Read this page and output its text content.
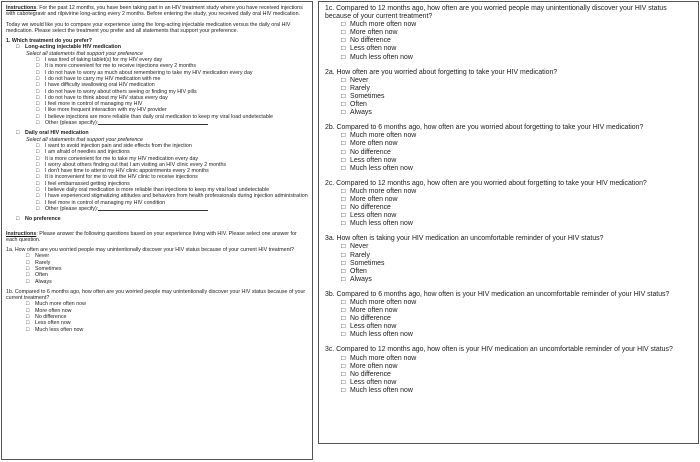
Instructions: For the past 12 months, you have been taking part in an HIV treatment study where you have received injections with cabotegravir and rilpivirine long-acting every 2 months. Before entering the study, you received daily oral HIV medication.

Today we would like you to compare your experience using the long-acting injectable medication versus the daily oral HIV medication. Please select the treatment you prefer and all statements that support your preference.

1. Which treatment do you prefer?

□	Long-acting injectable HIV medication

Select all statements that support your preference

□	I was tired of taking tablet(s) for my HIV every day
□	It is more convenient for me to receive injections every 2 months
□	I do not have to worry as much about remembering to take my HIV medication every day
□	I do not have to carry my HIV medication with me
□	I have difficulty swallowing oral HIV medication
□	I do not have to worry about others seeing or finding my HIV pills
□	I do not have to think about my HIV status every day
□	I feel more in control of managing my HIV
□	I like more frequent interaction with my HIV provider
□	I believe injections are more reliable than daily oral medication to keep my viral load undetectable
□	Other (please specify):
□	Daily oral HIV medication

Select all statements that support your preference

□	I want to avoid injection pain and side effects from the injection
□	I am afraid of needles and injections
□	It is more convenient for me to take my HIV medication every day
□	I worry about others finding out that I am visiting an HIV clinic every 2 months
□	I don't have time to attend my HIV clinic appointments every 2 months
□	It is inconvenient for me to visit the HIV clinic to receive injections
□	I feel embarrassed getting injections
□	I believe daily oral medication is more reliable than injections to keep my viral load undetectable
□	I have experienced stigmatizing attitudes and behaviors from health professionals during injection administration
□	I feel more in control of managing my HIV condition
□	Other (please specify):
□	No preference

Instructions: Please answer the following questions based on your experience living with HIV. Please select one answer for each question.

1a. How often are you worried people may unintentionally discover your HIV status because of your current HIV treatment?

□	Never
□	Rarely
□	Sometimes
□	Often
□	Always

1b. Compared to 6 months ago, how often are you worried people may unintentionally discover your HIV status because of your current treatment?

□	Much more often now
□	More often now
□	No difference
□	Less often now
□	Much less often now

1c. Compared to 12 months ago, how often are you worried people may unintentionally discover your HIV status because of your current treatment?

□ Much more often now
□ More often now
□ No difference
□ Less often now
□ Much less often now

2a. How often are you worried about forgetting to take your HIV medication?

□ Never
□ Rarely
□ Sometimes
□ Often
□ Always

2b. Compared to 6 months ago, how often are you worried about forgetting to take your HIV medication?

□ Much more often now
□ More often now
□ No difference
□ Less often now
□ Much less often now

2c. Compared to 12 months ago, how often are you worried about forgetting to take your HIV medication?

□ Much more often now
□ More often now
□ No difference
□ Less often now
□ Much less often now

3a. How often is taking your HIV medication an uncomfortable reminder of your HIV status?

□ Never
□ Rarely
□ Sometimes
□ Often
□ Always

3b. Compared to 6 months ago, how often is your HIV medication an uncomfortable reminder of your HIV status?

□ Much more often now
□ More often now
□ No difference
□ Less often now
□ Much less often now

3c. Compared to 12 months ago, how often is your HIV medication an uncomfortable reminder of your HIV status?

□ Much more often now
□ More often now
□ No difference
□ Less often now
□ Much less often now
